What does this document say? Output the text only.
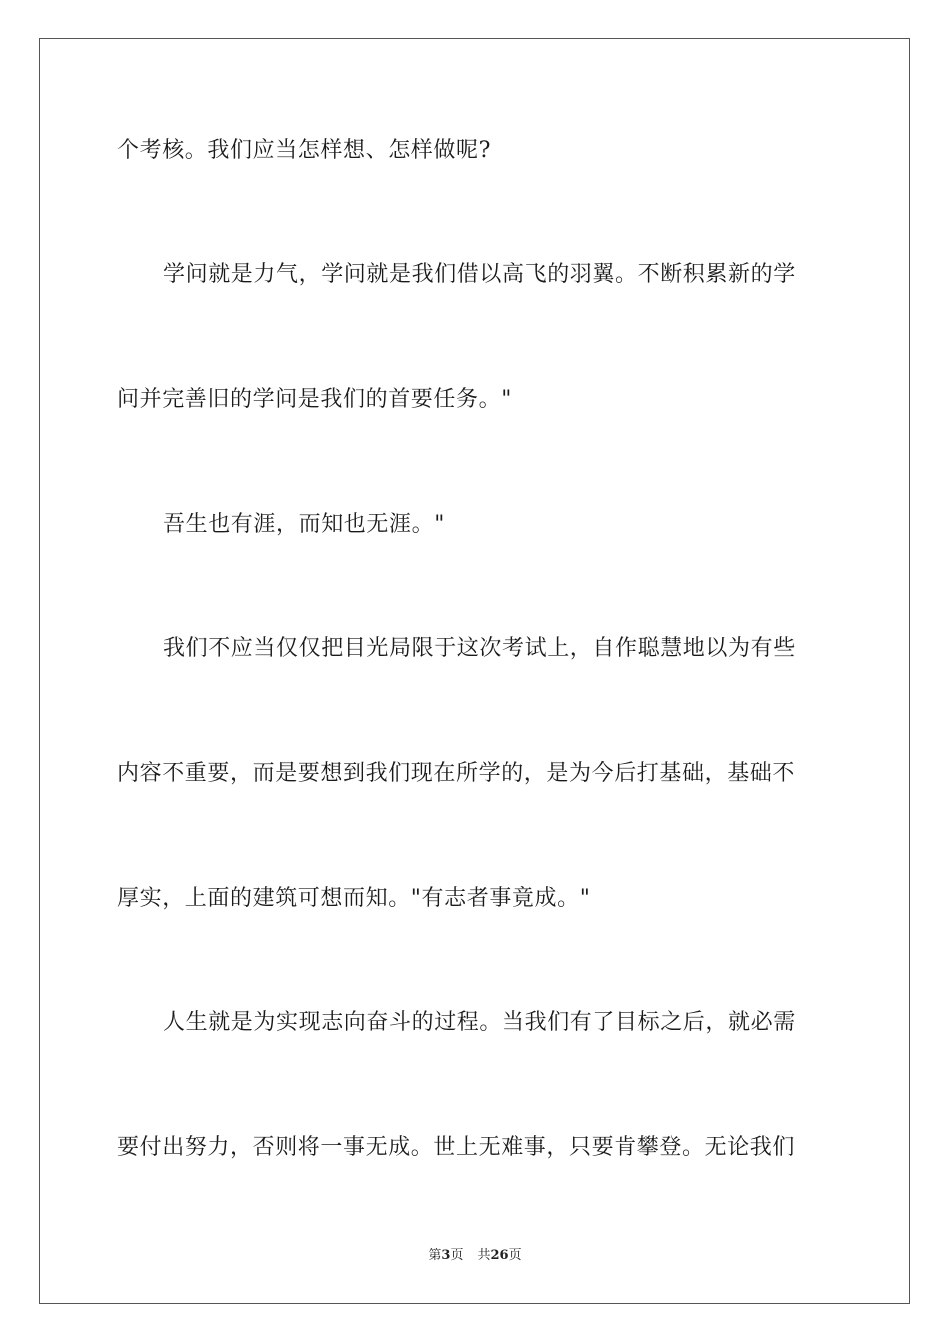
个考核。我们应当怎样想、怎样做呢?
学问就是力气，学问就是我们借以高飞的羽翼。不断积累新的学
问并完善旧的学问是我们的首要任务。"
吾生也有涯，而知也无涯。"
我们不应当仅仅把目光局限于这次考试上，自作聪慧地以为有些
内容不重要，而是要想到我们现在所学的，是为今后打基础，基础不
厚实，上面的建筑可想而知。"有志者事竟成。"
人生就是为实现志向奋斗的过程。当我们有了目标之后，就必需
要付出努力，否则将一事无成。世上无难事，只要肯攀登。无论我们
第3页 共26页
